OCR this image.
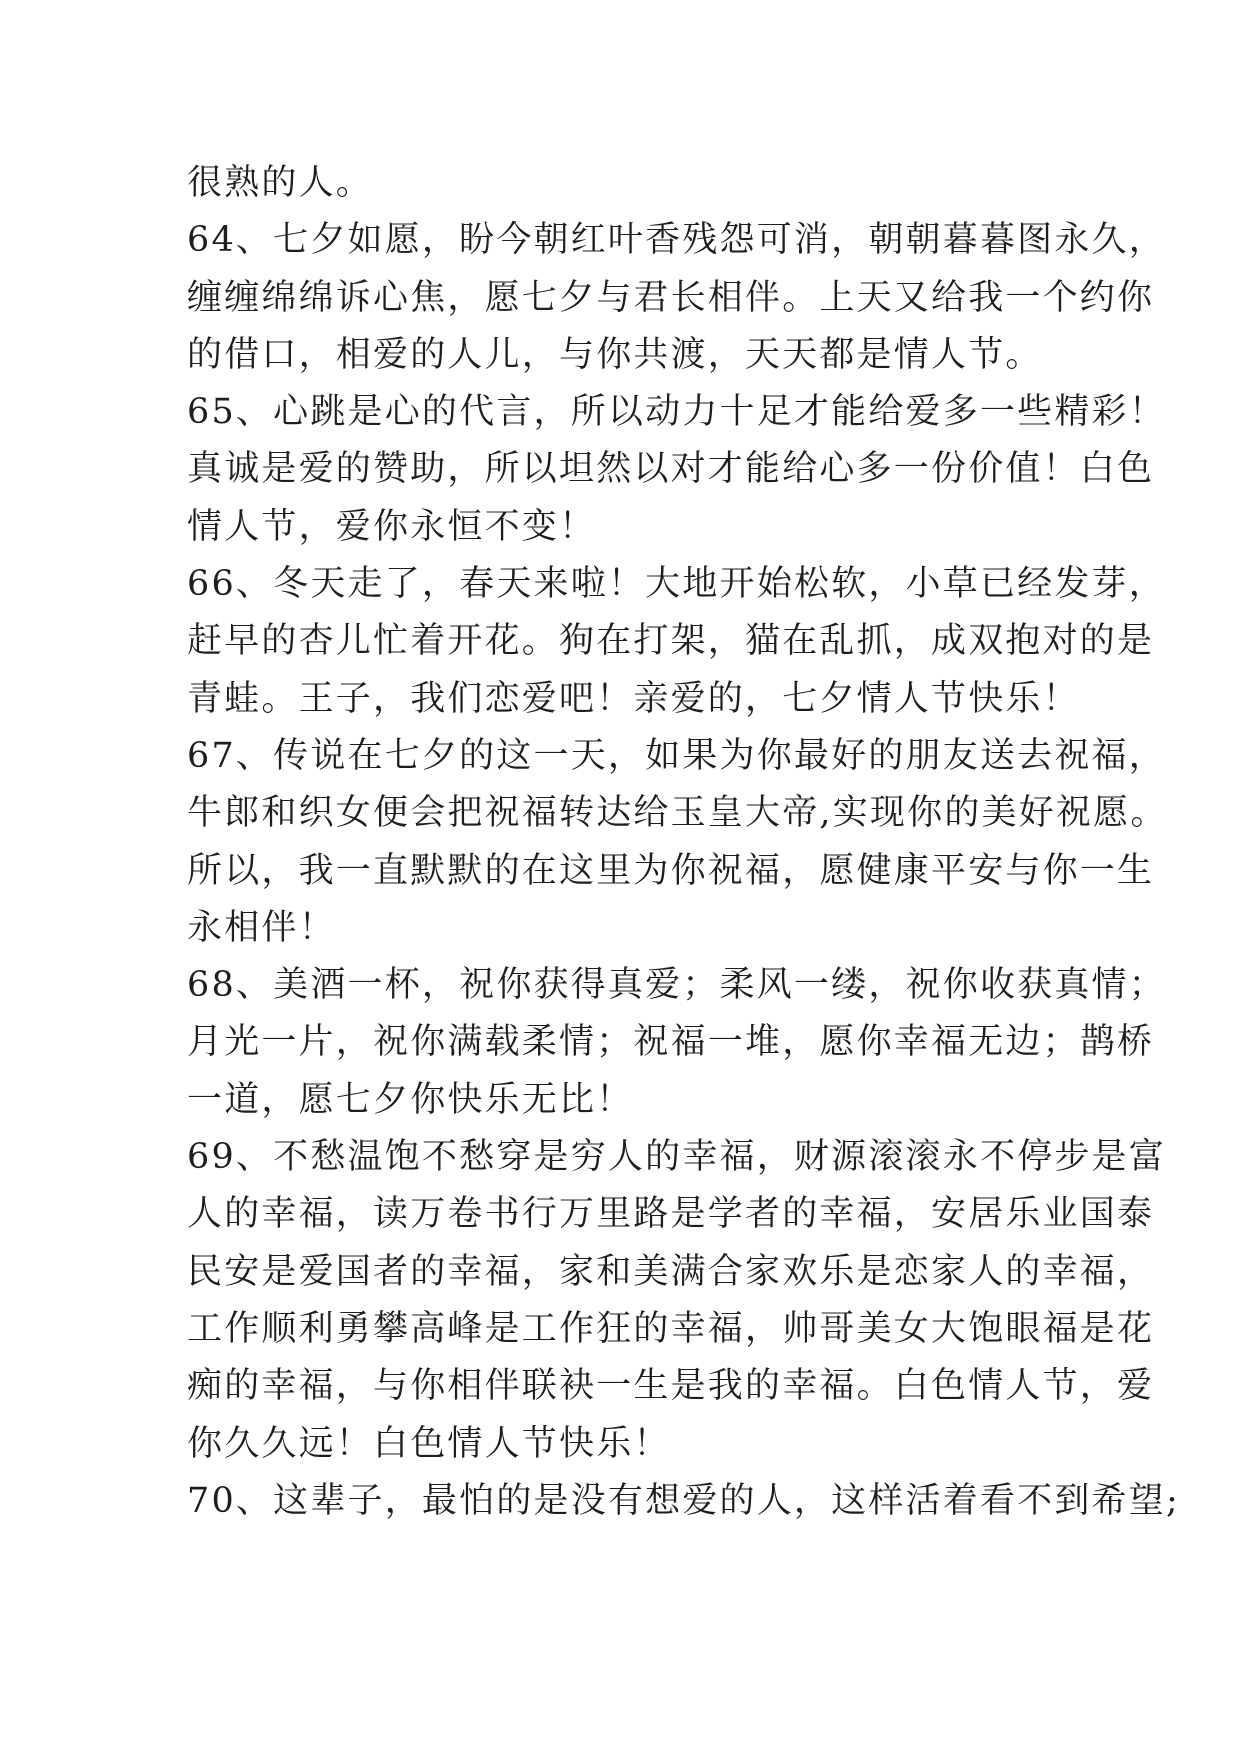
很熟的人。
64、七夕如愿，盼今朝红叶香残怨可消，朝朝暮暮图永久，
缠缠绵绵诉心焦，愿七夕与君长相伴。上天又给我一个约你
的借口，相爱的人儿，与你共渡，天天都是情人节。
65、心跳是心的代言，所以动力十足才能给爱多一些精彩！
真诚是爱的赞助，所以坦然以对才能给心多一份价值！白色
情人节，爱你永恒不变！
66、冬天走了，春天来啦！大地开始松软，小草已经发芽，
赶早的杏儿忙着开花。狗在打架，猫在乱抓，成双抱对的是
青蛙。王子，我们恋爱吧！亲爱的，七夕情人节快乐！
67、传说在七夕的这一天，如果为你最好的朋友送去祝福，
牛郎和织女便会把祝福转达给玉皇大帝,实现你的美好祝愿。
所以，我一直默默的在这里为你祝福，愿健康平安与你一生
永相伴！
68、美酒一杯，祝你获得真爱；柔风一缕，祝你收获真情；
月光一片，祝你满载柔情；祝福一堆，愿你幸福无边；鹊桥
一道，愿七夕你快乐无比！
69、不愁温饱不愁穿是穷人的幸福，财源滚滚永不停步是富
人的幸福，读万卷书行万里路是学者的幸福，安居乐业国泰
民安是爱国者的幸福，家和美满合家欢乐是恋家人的幸福，
工作顺利勇攀高峰是工作狂的幸福，帅哥美女大饱眼福是花
痴的幸福，与你相伴联袂一生是我的幸福。白色情人节，爱
你久久远！白色情人节快乐！
70、这辈子，最怕的是没有想爱的人，这样活着看不到希望;
